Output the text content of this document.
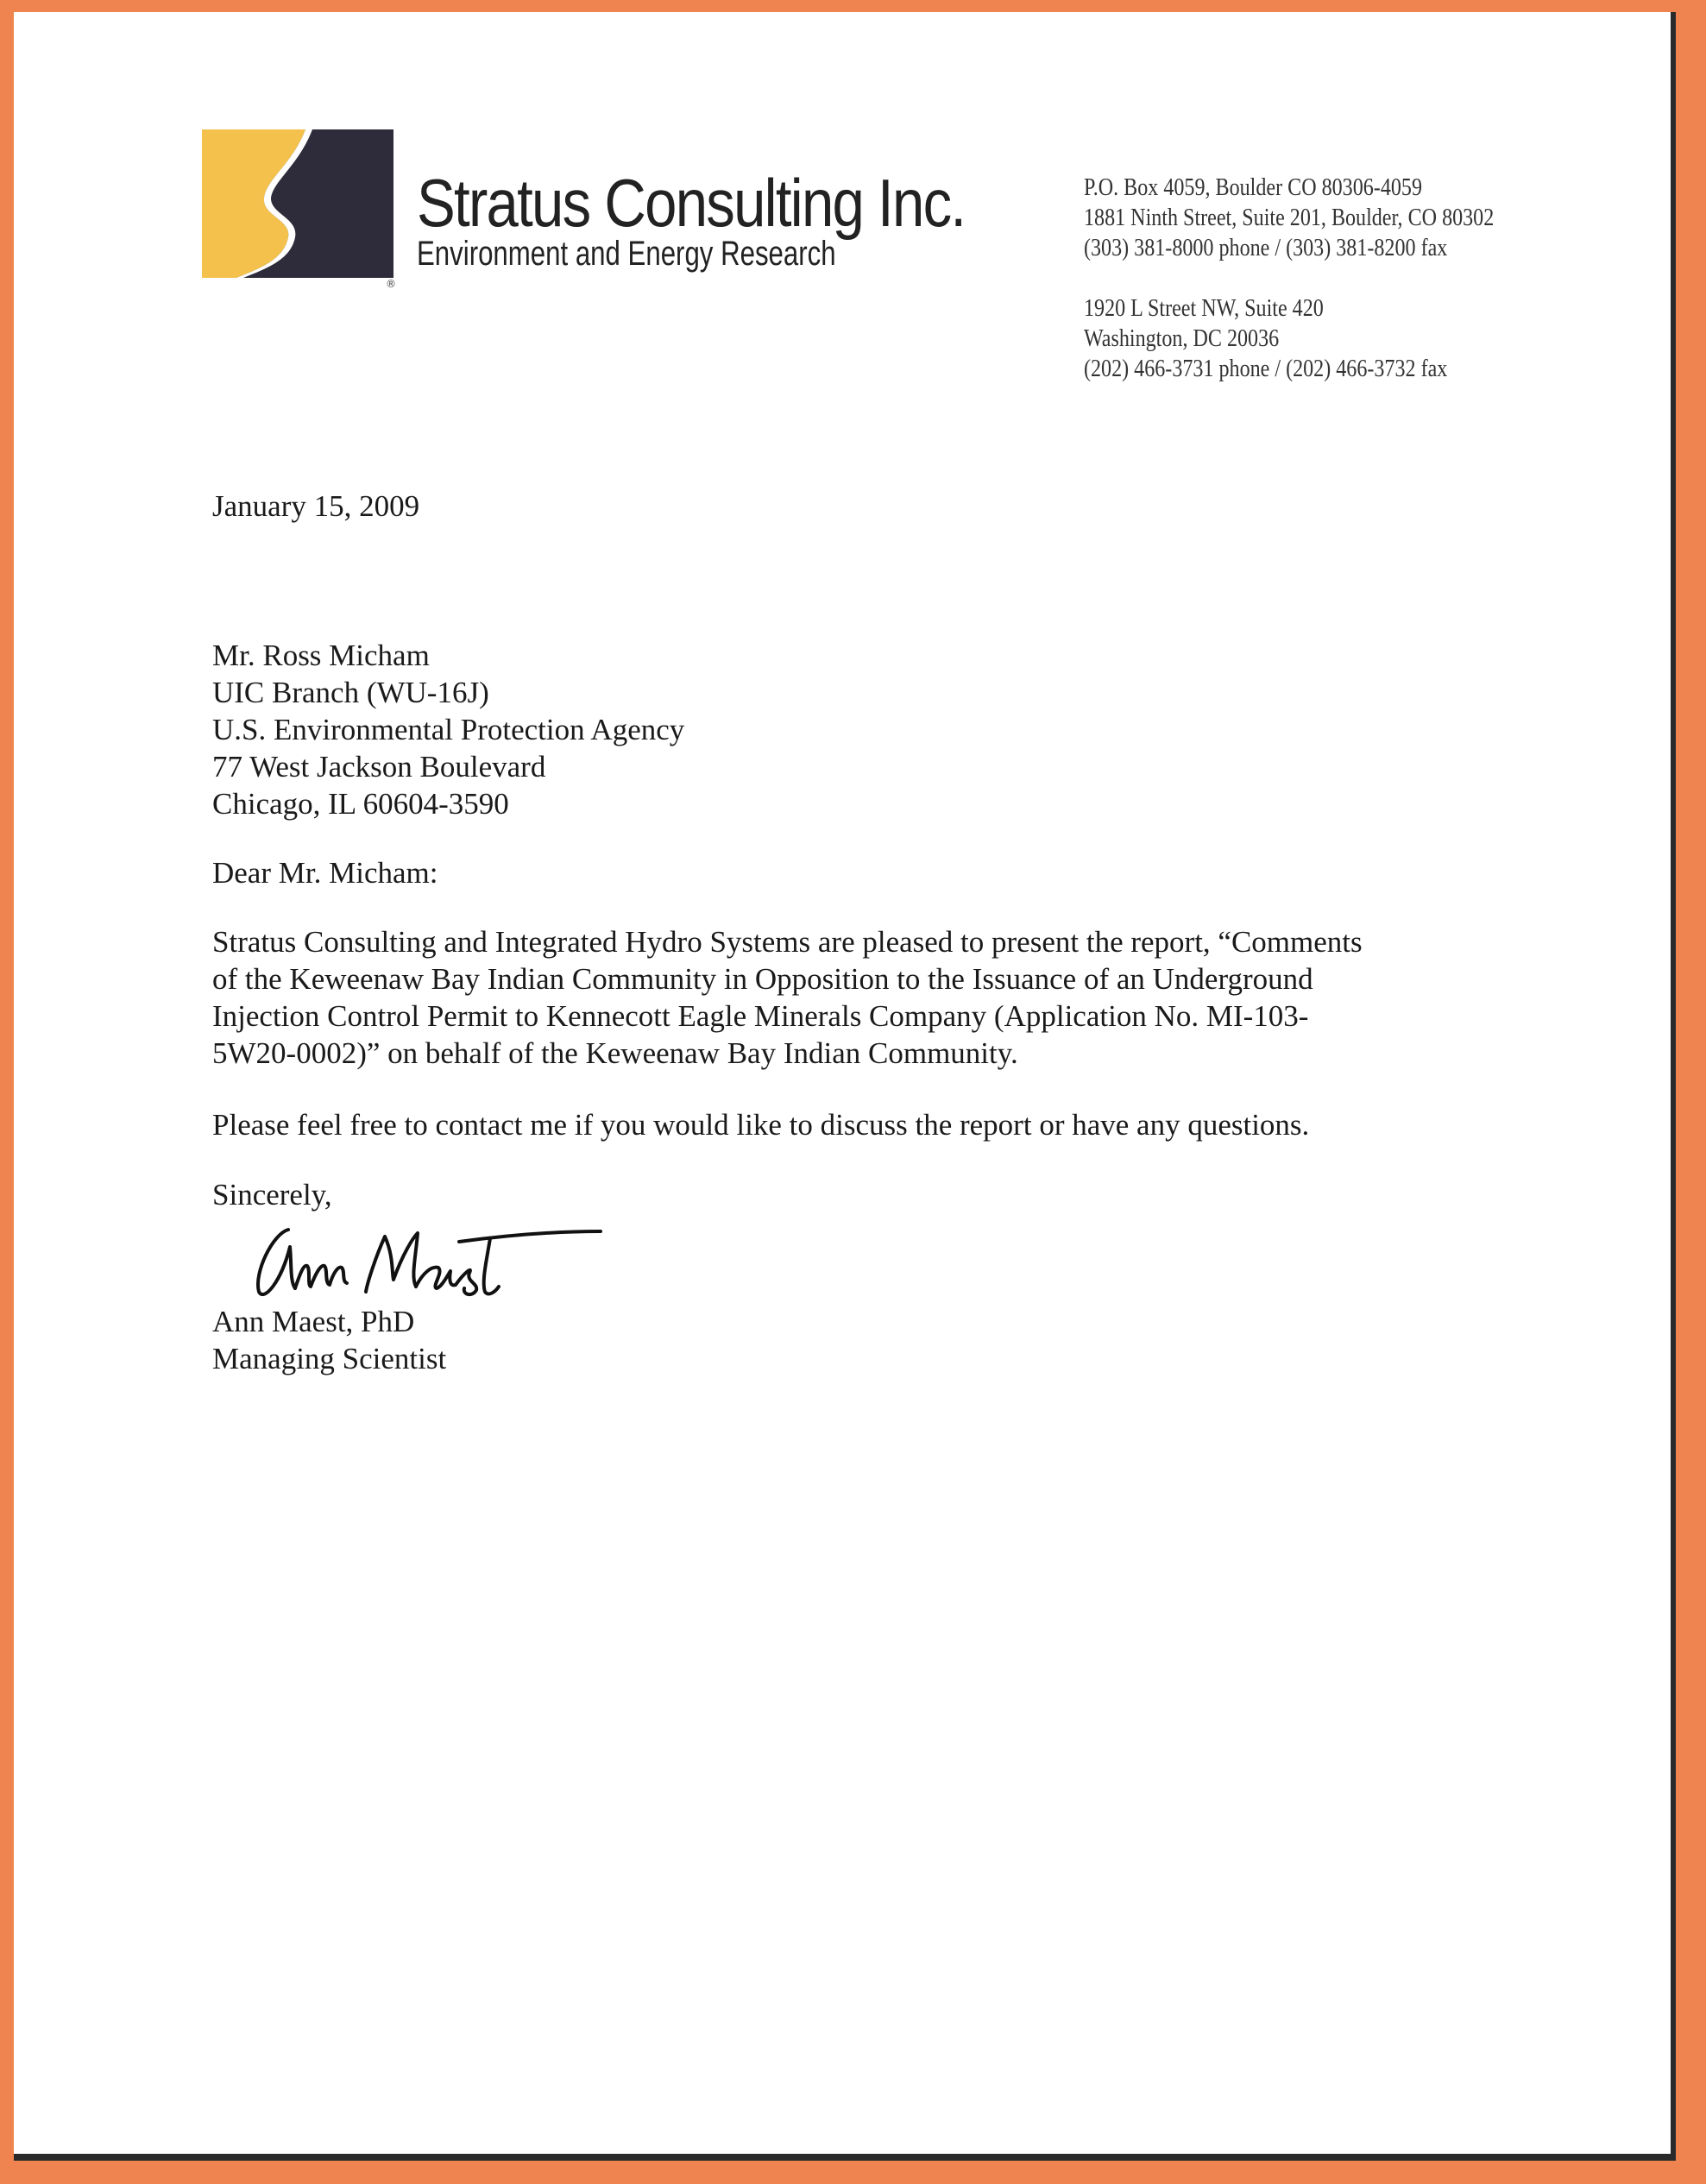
®
Stratus Consulting Inc.
Environment and Energy Research
P.O. Box 4059, Boulder CO 80306-4059
1881 Ninth Street, Suite 201, Boulder, CO 80302
(303) 381-8000 phone / (303) 381-8200 fax
1920 L Street NW, Suite 420
Washington, DC 20036
(202) 466-3731 phone / (202) 466-3732 fax
January 15, 2009
Mr. Ross Micham
UIC Branch (WU-16J)
U.S. Environmental Protection Agency
77 West Jackson Boulevard
Chicago, IL 60604-3590
Dear Mr. Micham:
Stratus Consulting and Integrated Hydro Systems are pleased to present the report, “Comments
of the Keweenaw Bay Indian Community in Opposition to the Issuance of an Underground
Injection Control Permit to Kennecott Eagle Minerals Company (Application No. MI-103-
5W20-0002)” on behalf of the Keweenaw Bay Indian Community.
Please feel free to contact me if you would like to discuss the report or have any questions.
Sincerely,
Ann Maest, PhD
Managing Scientist
